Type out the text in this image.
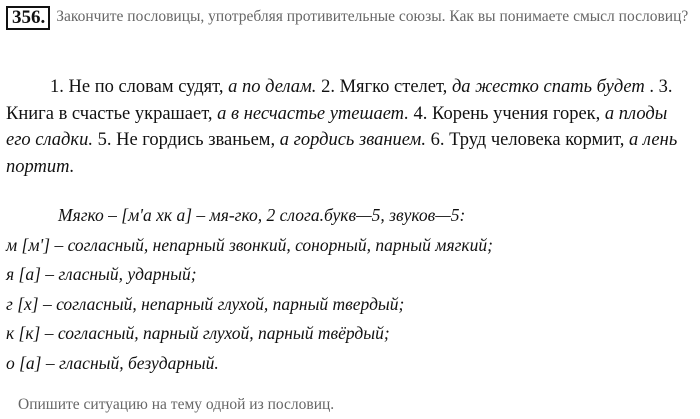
356. Закончите пословицы, употребляя противительные союзы. Как вы понимаете смысл пословиц?
1. Не по словам судят, а по делам. 2. Мягко стелет, да жестко спать будет . 3. Книга в счастье украшает, а в несчастье утешает. 4. Корень учения горек, а плоды его сладки. 5. Не гордись званьем, а гордись званием. 6. Труд человека кормит, а лень портит.
Мягко – [м'а хк а] – мя-гко, 2 слога.букв—5, звуков—5:
м [м'] – согласный, непарный звонкий, сонорный, парный мягкий;
я [а] – гласный, ударный;
г [х] – согласный, непарный глухой, парный твердый;
к [к] – согласный, парный глухой, парный твёрдый;
о [а] – гласный, безударный.
Опишите ситуацию на тему одной из пословиц.
